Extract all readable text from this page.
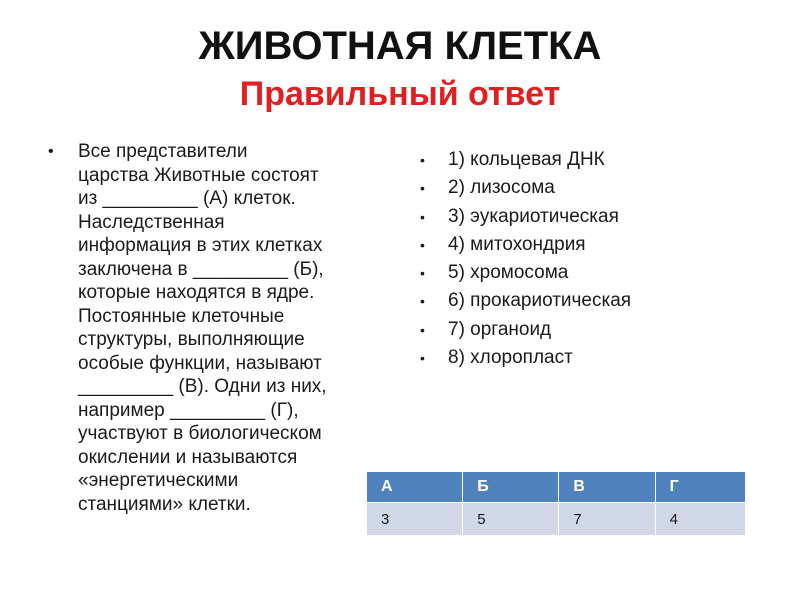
ЖИВОТНАЯ КЛЕТКА
Правильный ответ
• Все представители
царства Животные состоят
из _________ (А) клеток.
Наследственная
информация в этих клетках
заключена в _________ (Б),
которые находятся в ядре.
Постоянные клеточные
структуры, выполняющие
особые функции, называют
_________ (В). Одни из них,
например _________ (Г),
участвуют в биологическом
окислении и называются
«энергетическими
станциями» клетки.
• 1) кольцевая ДНК
• 2) лизосома
• 3) эукариотическая
• 4) митохондрия
• 5) хромосома
• 6) прокариотическая
• 7) органоид
• 8) хлоропласт
А	Б	В	Г
3	5	7	4
